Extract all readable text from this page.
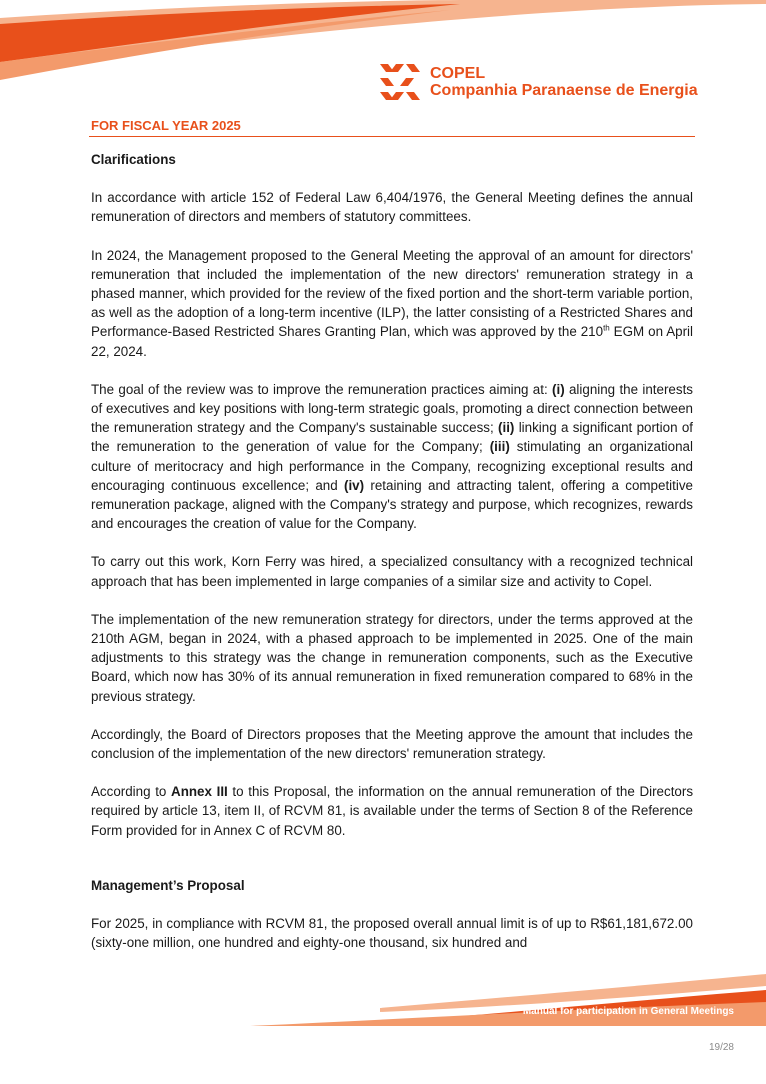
COPEL
Companhia Paranaense de Energia
FOR FISCAL YEAR 2025

Clarifications

In accordance with article 152 of Federal Law 6,404/1976, the General Meeting defines the annual remuneration of directors and members of statutory committees.

In 2024, the Management proposed to the General Meeting the approval of an amount for directors' remuneration that included the implementation of the new directors' remuneration strategy in a phased manner, which provided for the review of the fixed portion and the short-term variable portion, as well as the adoption of a long-term incentive (ILP), the latter consisting of a Restricted Shares and Performance-Based Restricted Shares Granting Plan, which was approved by the 210th EGM on April 22, 2024.

The goal of the review was to improve the remuneration practices aiming at: (i) aligning the interests of executives and key positions with long-term strategic goals, promoting a direct connection between the remuneration strategy and the Company's sustainable success; (ii) linking a significant portion of the remuneration to the generation of value for the Company; (iii) stimulating an organizational culture of meritocracy and high performance in the Company, recognizing exceptional results and encouraging continuous excellence; and (iv) retaining and attracting talent, offering a competitive remuneration package, aligned with the Company's strategy and purpose, which recognizes, rewards and encourages the creation of value for the Company.

To carry out this work, Korn Ferry was hired, a specialized consultancy with a recognized technical approach that has been implemented in large companies of a similar size and activity to Copel.

The implementation of the new remuneration strategy for directors, under the terms approved at the 210th AGM, began in 2024, with a phased approach to be implemented in 2025. One of the main adjustments to this strategy was the change in remuneration components, such as the Executive Board, which now has 30% of its annual remuneration in fixed remuneration compared to 68% in the previous strategy.

Accordingly, the Board of Directors proposes that the Meeting approve the amount that includes the conclusion of the implementation of the new directors' remuneration strategy.

According to Annex III to this Proposal, the information on the annual remuneration of the Directors required by article 13, item II, of RCVM 81, is available under the terms of Section 8 of the Reference Form provided for in Annex C of RCVM 80.

Management’s Proposal

For 2025, in compliance with RCVM 81, the proposed overall annual limit is of up to R$61,181,672.00 (sixty-one million, one hundred and eighty-one thousand, six hundred and

Manual for participation in General Meetings
19/28
